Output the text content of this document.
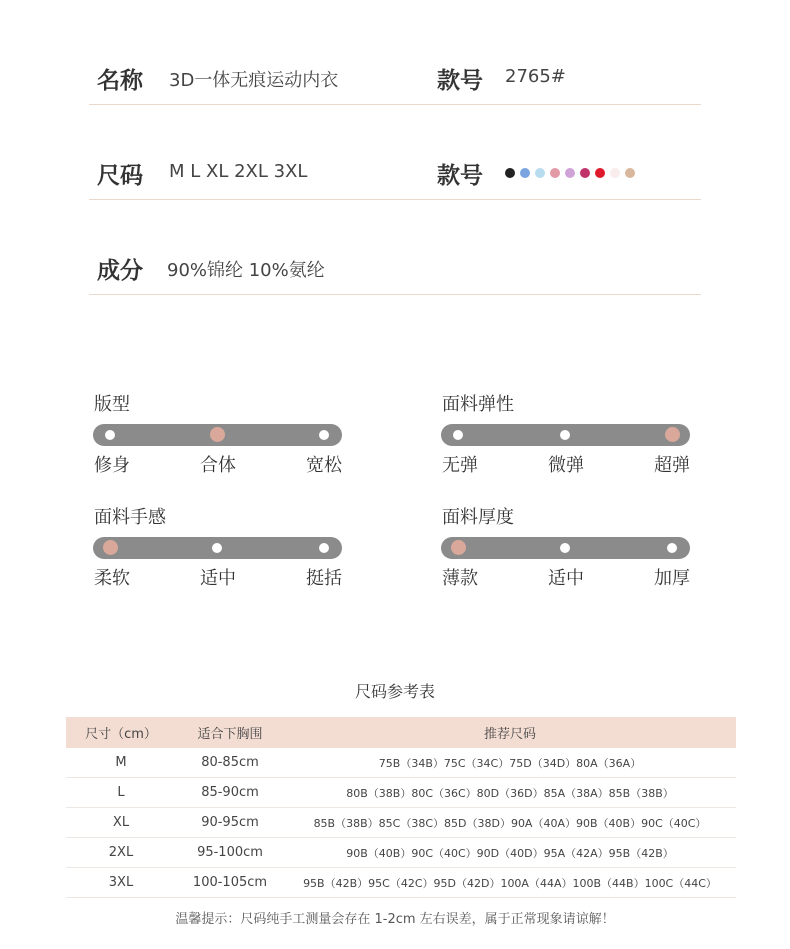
名称 3D一体无痕运动内衣	款号 2765#
尺码 M L XL 2XL 3XL	款号
成分 90%锦纶 10%氨纶
版型
修身	合体	宽松
面料弹性
无弹	微弹	超弹
面料手感
柔软	适中	挺括
面料厚度
薄款	适中	加厚
尺码参考表
尺寸（cm）	适合下胸围	推荐尺码
M	80-85cm	75B（34B）75C（34C）75D（34D）80A（36A）
L	85-90cm	80B（38B）80C（36C）80D（36D）85A（38A）85B（38B）
XL	90-95cm	85B（38B）85C（38C）85D（38D）90A（40A）90B（40B）90C（40C）
2XL	95-100cm	90B（40B）90C（40C）90D（40D）95A（42A）95B（42B）
3XL	100-105cm	95B（42B）95C（42C）95D（42D）100A（44A）100B（44B）100C（44C）
温馨提示：尺码纯手工测量会存在 1-2cm 左右误差，属于正常现象请谅解！
